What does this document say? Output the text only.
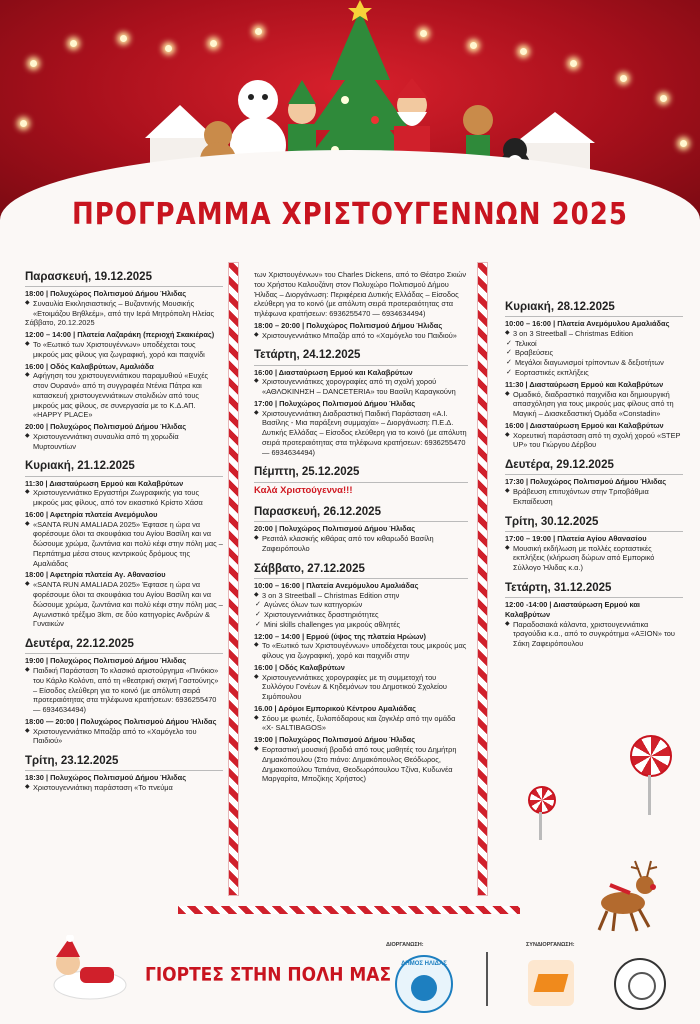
ΠΡΟΓΡΑΜΜΑ ΧΡΙΣΤΟΥΓΕΝΝΩΝ 2025
Παρασκευή, 19.12.2025
18:00 | Πολυχώρος Πολιτισμού Δήμου Ήλιδας
◆ Συναυλία Εκκλησιαστικής – Βυζαντινής Μουσικής «Ετοιμάζου Βηθλεέμ», από την Ιερά Μητρόπολη Ηλείας
Σάββατο, 20.12.2025
12:00 – 14:00 | Πλατεία Λαζαράκη (περιοχή Σκακιέρας)
◆ Το «Εωτικό των Χριστουγέννων» υποδέχεται τους μικρούς μας φίλους για ζωγραφική, χορό και παιχνίδι
16:00 | Οδός Καλαβρύτων, Αμαλιάδα
◆ Αφήγηση του χριστουγεννιάτικου παραμυθιού «Ευχές στον Ουρανό» από τη συγγραφέα Ντένια Πάτρα και κατασκευή χριστουγεννιάτικων στολιδιών από τους μικρούς μας φίλους, σε συνεργασία με το Κ.Δ.ΑΠ. «HAPPY PLACE»
20:00 | Πολυχώρος Πολιτισμού Δήμου Ήλιδας
◆ Χριστουγεννιάτικη συναυλία από τη χορωδία Μυρτουντίων
Κυριακή, 21.12.2025
11:30 | Διασταύρωση Ερμού και Καλαβρύτων
◆ Χριστουγεννιάτικο Εργαστήρι Ζωγραφικής για τους μικρούς μας φίλους, από τον εικαστικό Κρίστο Χάσα
16:00 | Αφετηρία πλατεία Ανεμόμυλου
◆ «SANTA RUN AMALIADA 2025» Έφτασε η ώρα να φορέσουμε όλοι τα σκουφάκια του Αγίου Βασίλη και να δώσουμε χρώμα, ζωντάνια και πολύ κέφι στην πόλη μας – Περπάτημα μέσα στους κεντρικούς δρόμους της Αμαλιάδας
18:00 | Αφετηρία πλατεία Αγ. Αθανασίου
◆ «SANTA RUN AMALIADA 2025» Έφτασε η ώρα να φορέσουμε όλοι τα σκουφάκια του Αγίου Βασίλη και να δώσουμε χρώμα, ζωντάνια και πολύ κέφι στην πόλη μας – Αγωνιστικό τρέξιμο 3km, σε δύο κατηγορίες Ανδρών & Γυναικών
Δευτέρα, 22.12.2025
19:00 | Πολυχώρος Πολιτισμού Δήμου Ήλιδας
◆ Παιδική Παράσταση Το κλασικό αριστούργημα «Πινόκιο» του Κάρλο Κολόντι, από τη «θεατρική σκηνή Γαστούνης» – Είσοδος ελεύθερη για το κοινό (με απόλυτη σειρά προτεραιότητας στα τηλέφωνα κρατήσεων: 6936255470 — 6934634494)
18:00 — 20:00 | Πολυχώρος Πολιτισμού Δήμου Ήλιδας
◆ Χριστουγεννιάτικο Μπαζάρ από το «Χαμόγελο του Παιδιού»
Τρίτη, 23.12.2025
18:30 | Πολυχώρος Πολιτισμού Δήμου Ήλιδας
◆ Χριστουγεννιάτικη παράσταση «Το πνεύμα
των Χριστουγέννων» του Charles Dickens, από το Θέατρο Σκιών του Χρήστου Καλουζάνη στον Πολυχώρο Πολιτισμού Δήμου Ήλιδας – Διοργάνωση: Περιφέρεια Δυτικής Ελλάδας – Είσοδος ελεύθερη για το κοινό (με απόλυτη σειρά προτεραιότητας στα τηλέφωνα κρατήσεων: 6936255470 — 6934634494)
18:00 – 20:00 | Πολυχώρος Πολιτισμού Δήμου Ήλιδας
◆ Χριστουγεννιάτικο Μπαζάρ από το «Χαμόγελο του Παιδιού»
Τετάρτη, 24.12.2025
16:00 | Διασταύρωση Ερμού και Καλαβρύτων
◆ Χριστουγεννιάτικες χορογραφίες από τη σχολή χορού «ΑΘΛΟΚΙΝΗΣΗ – DANCETERIA» του Βασίλη Καραγκούνη
17:00 | Πολυχώρος Πολιτισμού Δήμου Ήλιδας
◆ Χριστουγεννιάτικη Διαδραστική Παιδική Παράσταση «Α.Ι. Βασίλης - Μια παράξενη συμμαχία» – Διοργάνωση: Π.Ε.Δ. Δυτικής Ελλάδας – Είσοδος ελεύθερη για το κοινό (με απόλυτη σειρά προτεραιότητας στα τηλέφωνα κρατήσεων: 6936255470 — 6934634494)
Πέμπτη, 25.12.2025
Καλά Χριστούγεννα!!!
Παρασκευή, 26.12.2025
20:00 | Πολυχώρος Πολιτισμού Δήμου Ήλιδας
◆ Ρεσιτάλ κλασικής κιθάρας από τον κιθαρωδό Βασίλη Ζαφειρόπουλο
Σάββατο, 27.12.2025
10:00 – 16:00 | Πλατεία Ανεμόμυλου Αμαλιάδας
◆ 3 on 3 Streetball – Christmas Edition στην
✓ Αγώνες όλων των κατηγοριών
✓ Χριστουγεννιάτικες δραστηριότητες
✓ Mini skills challenges για μικρούς αθλητές
12:00 – 14:00 | Ερμού (ύψος της πλατεία Ηρώων)
◆ Το «Εωτικό των Χριστουγέννων» υποδέχεται τους μικρούς μας φίλους για ζωγραφική, χορό και παιχνίδι στην
16:00 | Οδός Καλαβρύτων
◆ Χριστουγεννιάτικες χορογραφίες με τη συμμετοχή του Συλλόγου Γονέων & Κηδεμόνων του Δημοτικού Σχολείου Σιμόπουλου
16.00 | Δρόμοι Εμπορικού Κέντρου Αμαλιάδας
◆ Σόου με φωτιές, ξυλοπόδαρους και ζογκλέρ από την ομάδα «X- SALTIBAGOS»
19:00 | Πολυχώρος Πολιτισμού Δήμου Ήλιδας
◆ Εορταστική μουσική βραδιά από τους μαθητές του Δημήτρη Δημακόπουλου (Στο πιάνο: Δημακόπουλος Θεόδωρος, Δημακοπούλου Τατιάνα, Θεοδωρόπουλου Τζίνα, Κυδωνέα Μαργαρίτα, Μποζίκης Χρήστος)
Κυριακή, 28.12.2025
10:00 – 16:00 | Πλατεία Ανεμόμυλου Αμαλιάδας
◆ 3 on 3 Streetball – Christmas Edition
✓ Τελικοί
✓ Βραβεύσεις
✓ Μεγάλοι διαγωνισμοί τρίποντων & δεξιοτήτων
✓ Εορταστικές εκπλήξεις
11:30 | Διασταύρωση Ερμού και Καλαβρύτων
◆ Ομαδικό, διαδραστικό παιχνίδια και δημιουργική απασχόληση για τους μικρούς μας φίλους από τη Μαγική – Διασκεδαστική Ομάδα «Constadin»
16:00 | Διασταύρωση Ερμού και Καλαβρύτων
◆ Χορευτική παράσταση από τη σχολή χορού «STEP UP» του Γιώργου Δέρβου
Δευτέρα, 29.12.2025
17:30 | Πολυχώρος Πολιτισμού Δήμου Ήλιδας
◆ Βράβευση επιτυχόντων στην Τριτοβάθμια Εκπαίδευση
Τρίτη, 30.12.2025
17:00 – 19:00 | Πλατεία Αγίου Αθανασίου
◆ Μουσική εκδήλωση με πολλές εορταστικές εκπλήξεις (κλήρωση δώρων από Εμπορικό Σύλλογο Ήλιδας κ.α.)
Τετάρτη, 31.12.2025
12:00 -14:00 | Διασταύρωση Ερμού και Καλαβρύτων
◆ Παραδοσιακά κάλαντα, χριστουγεννιάτικα τραγούδια κ.α., από το συγκρότημα «ΑΞΙΟΝ» του Σάκη Ζαφειρόπουλου
ΓΙΟΡΤΕΣ ΣΤΗΝ ΠΟΛΗ ΜΑΣ
ΔΙΟΡΓΑΝΩΣΗ:
ΔΗΜΟΣ ΗΛΙΔΑΣ
ΣΥΝΔΙΟΡΓΑΝΩΣΗ:
